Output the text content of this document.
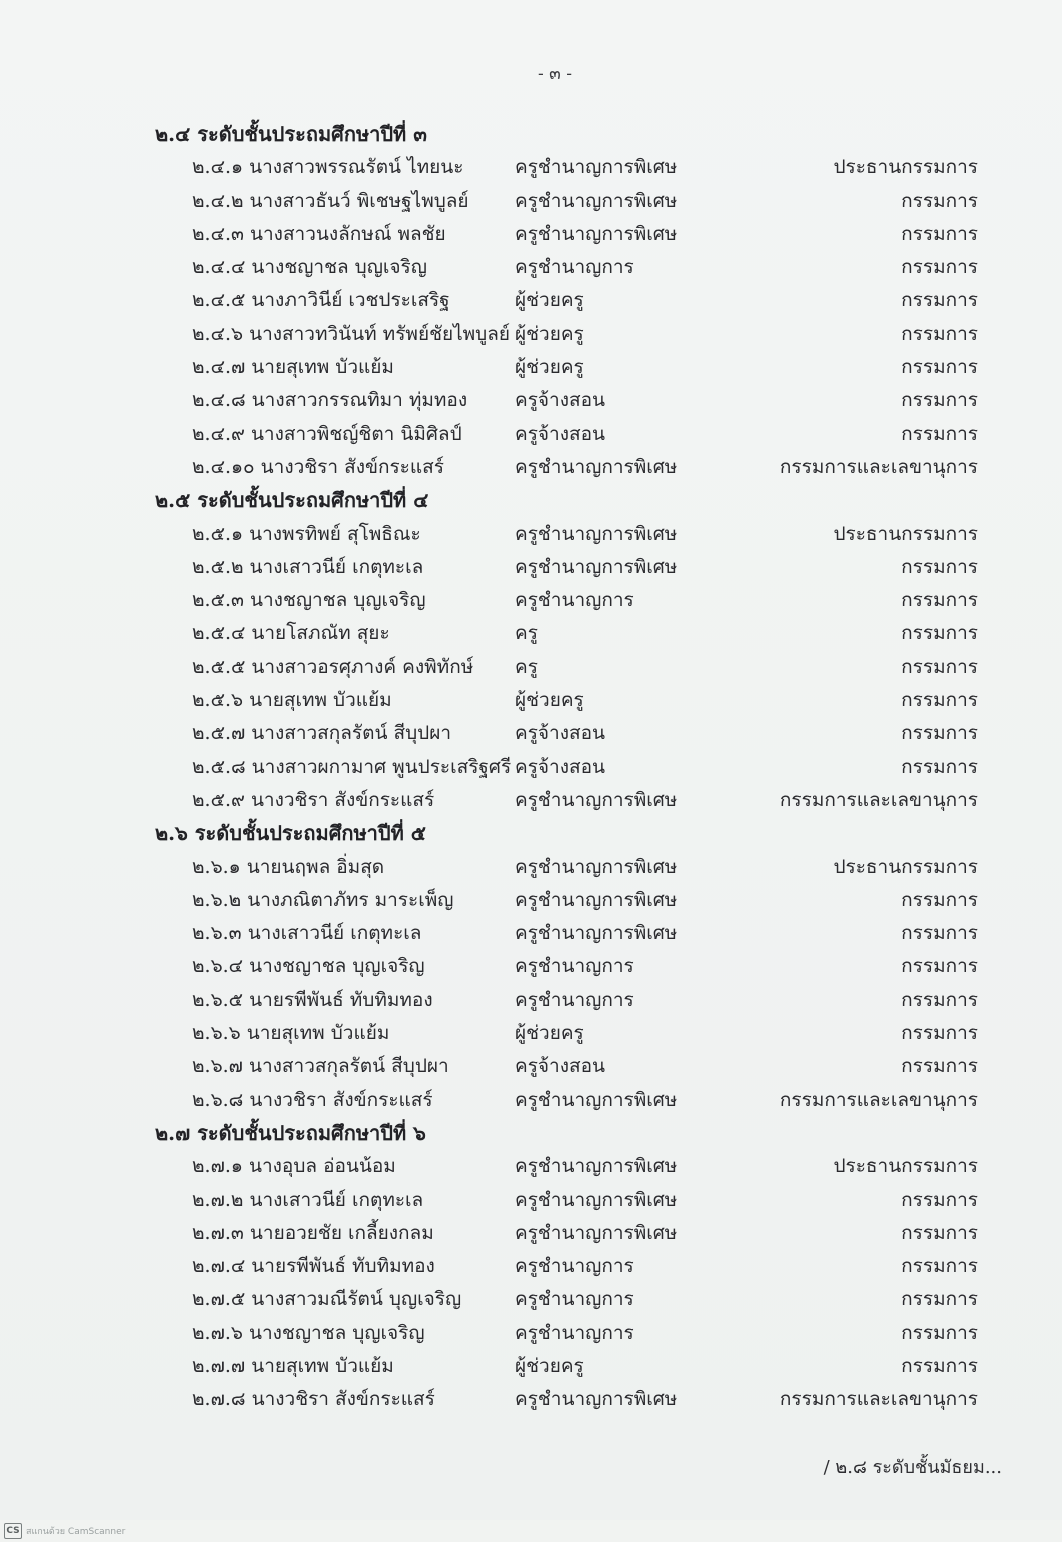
- ๓ -
๒.๔ ระดับชั้นประถมศึกษาปีที่ ๓
๒.๔.๑ นางสาวพรรณรัตน์ ไทยนะ	ครูชำนาญการพิเศษ	ประธานกรรมการ
๒.๔.๒ นางสาวธันว์ พิเชษฐไพบูลย์ ครูชำนาญการพิเศษ	กรรมการ
๒.๔.๓ นางสาวนงลักษณ์ พลชัย	ครูชำนาญการพิเศษ	กรรมการ
๒.๔.๔ นางชญาชล บุญเจริญ	ครูชำนาญการ	กรรมการ
๒.๔.๕ นางภาวินีย์ เวชประเสริฐ	ผู้ช่วยครู	กรรมการ
๒.๔.๖ นางสาวทวินันท์ ทรัพย์ชัยไพบูลย์ ผู้ช่วยครู	กรรมการ
๒.๔.๗ นายสุเทพ บัวแย้ม	ผู้ช่วยครู	กรรมการ
๒.๔.๘ นางสาวกรรณทิมา ทุ่มทอง	ครูจ้างสอน	กรรมการ
๒.๔.๙ นางสาวพิชญ์ชิตา นิมิศิลป์	ครูจ้างสอน	กรรมการ
๒.๔.๑๐ นางวชิรา สังข์กระแสร์	ครูชำนาญการพิเศษ	กรรมการและเลขานุการ
๒.๕ ระดับชั้นประถมศึกษาปีที่ ๔
๒.๕.๑ นางพรทิพย์ สุโพธิณะ	ครูชำนาญการพิเศษ	ประธานกรรมการ
๒.๕.๒ นางเสาวนีย์ เกตุทะเล	ครูชำนาญการพิเศษ	กรรมการ
๒.๕.๓ นางชญาชล บุญเจริญ	ครูชำนาญการ	กรรมการ
๒.๕.๔ นายโสภณัท สุยะ	ครู	กรรมการ
๒.๕.๕ นางสาวอรศุภางค์ คงพิทักษ์ ครู	กรรมการ
๒.๕.๖ นายสุเทพ บัวแย้ม	ผู้ช่วยครู	กรรมการ
๒.๕.๗ นางสาวสกุลรัตน์ สีบุปผา	ครูจ้างสอน	กรรมการ
๒.๕.๘ นางสาวผกามาศ พูนประเสริฐศรี ครูจ้างสอน	กรรมการ
๒.๕.๙ นางวชิรา สังข์กระแสร์	ครูชำนาญการพิเศษ	กรรมการและเลขานุการ
๒.๖ ระดับชั้นประถมศึกษาปีที่ ๕
๒.๖.๑ นายนฤพล อิ่มสุด	ครูชำนาญการพิเศษ	ประธานกรรมการ
๒.๖.๒ นางภณิตาภัทร มาระเพ็ญ	ครูชำนาญการพิเศษ	กรรมการ
๒.๖.๓ นางเสาวนีย์ เกตุทะเล	ครูชำนาญการพิเศษ	กรรมการ
๒.๖.๔ นางชญาชล บุญเจริญ	ครูชำนาญการ	กรรมการ
๒.๖.๕ นายรพีพันธ์ ทับทิมทอง	ครูชำนาญการ	กรรมการ
๒.๖.๖ นายสุเทพ บัวแย้ม	ผู้ช่วยครู	กรรมการ
๒.๖.๗ นางสาวสกุลรัตน์ สีบุปผา	ครูจ้างสอน	กรรมการ
๒.๖.๘ นางวชิรา สังข์กระแสร์	ครูชำนาญการพิเศษ	กรรมการและเลขานุการ
๒.๗ ระดับชั้นประถมศึกษาปีที่ ๖
๒.๗.๑ นางอุบล อ่อนน้อม	ครูชำนาญการพิเศษ	ประธานกรรมการ
๒.๗.๒ นางเสาวนีย์ เกตุทะเล	ครูชำนาญการพิเศษ	กรรมการ
๒.๗.๓ นายอวยชัย เกลี้ยงกลม	ครูชำนาญการพิเศษ	กรรมการ
๒.๗.๔ นายรพีพันธ์ ทับทิมทอง	ครูชำนาญการ	กรรมการ
๒.๗.๕ นางสาวมณีรัตน์ บุญเจริญ	ครูชำนาญการ	กรรมการ
๒.๗.๖ นางชญาชล บุญเจริญ	ครูชำนาญการ	กรรมการ
๒.๗.๗ นายสุเทพ บัวแย้ม	ผู้ช่วยครู	กรรมการ
๒.๗.๘ นางวชิรา สังข์กระแสร์	ครูชำนาญการพิเศษ	กรรมการและเลขานุการ
/ ๒.๘ ระดับชั้นมัธยม...
CS สแกนด้วย CamScanner
